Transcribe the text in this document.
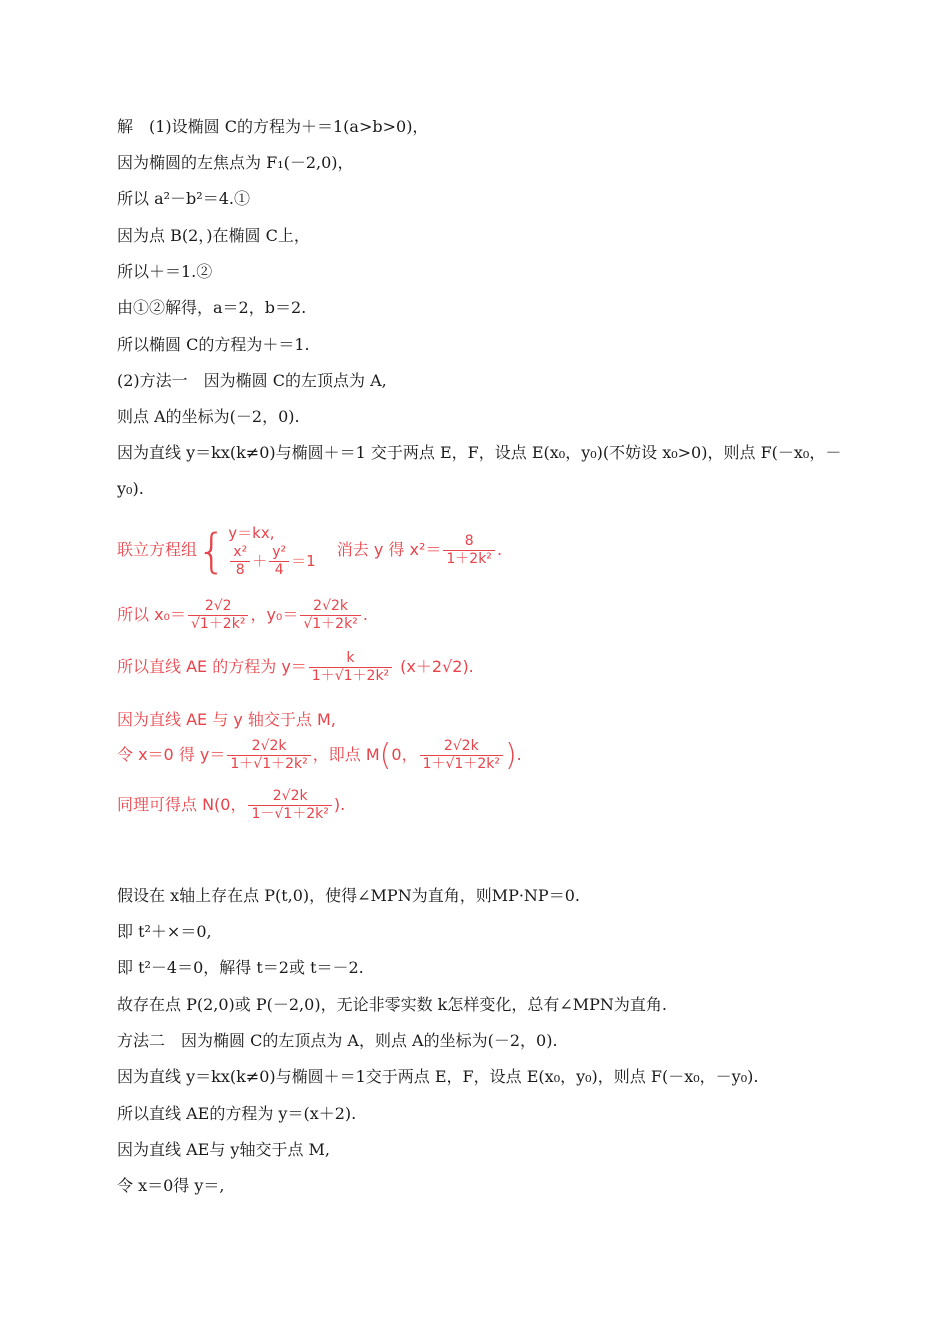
解　(1)设椭圆 C的方程为＋＝1(a>b>0)，
因为椭圆的左焦点为 F₁(－2,0)，
所以 a²－b²＝4.①
因为点 B(2，)在椭圆 C上，
所以＋＝1.②
由①②解得，a＝2，b＝2.
所以椭圆 C的方程为＋＝1.
(2)方法一　因为椭圆 C的左顶点为 A,
则点 A的坐标为(－2，0).
因为直线 y＝kx(k≠0)与椭圆＋＝1 交于两点 E，F，设点 E(x₀，y₀)(不妨设 x₀>0)，则点 F(－x₀，－y₀).
联立方程组{ y＝kx,
$\frac{\text{x²}}{8} + \frac{\text{y²}}{4} =1$
消去 y 得 $x^2= \frac{8}{\text{1＋2k²}}$ .
所以 $x_0= \frac{2√2}{\text{√1＋2k²}}$ ，$y_0= \frac{2√2k}{\text{√1＋2k²}}$ .
所以直线 AE 的方程为 $y= \frac{k}{\text{1＋√1＋2k²}} (x+2√2)$.
因为直线 AE 与 y 轴交于点 M,
令 x＝0 得 $y= \frac{2√2k}{\text{1＋√1＋2k²}}$ ，即点 M(0， $\frac{2√2k}{\text{1＋√1＋2k²}}$ ).
同理可得点 N(0， $\frac{2√2k}{\text{1－√1＋2k²}}$ ).
假设在 x轴上存在点 P(t,0)，使得∠MPN为直角，则MP·NP＝0.
即 t²＋×＝0,
即 t²－4＝0，解得 t＝2或 t＝－2.
故存在点 P(2,0)或 P(－2,0)，无论非零实数 k怎样变化，总有∠MPN为直角.
方法二　因为椭圆 C的左顶点为 A，则点 A的坐标为(－2，0).
因为直线 y＝kx(k≠0)与椭圆＋＝1交于两点 E，F，设点 E(x₀，y₀)，则点 F(－x₀，－y₀).
所以直线 AE的方程为 y＝(x＋2).
因为直线 AE与 y轴交于点 M,
令 x＝0得 y＝,
